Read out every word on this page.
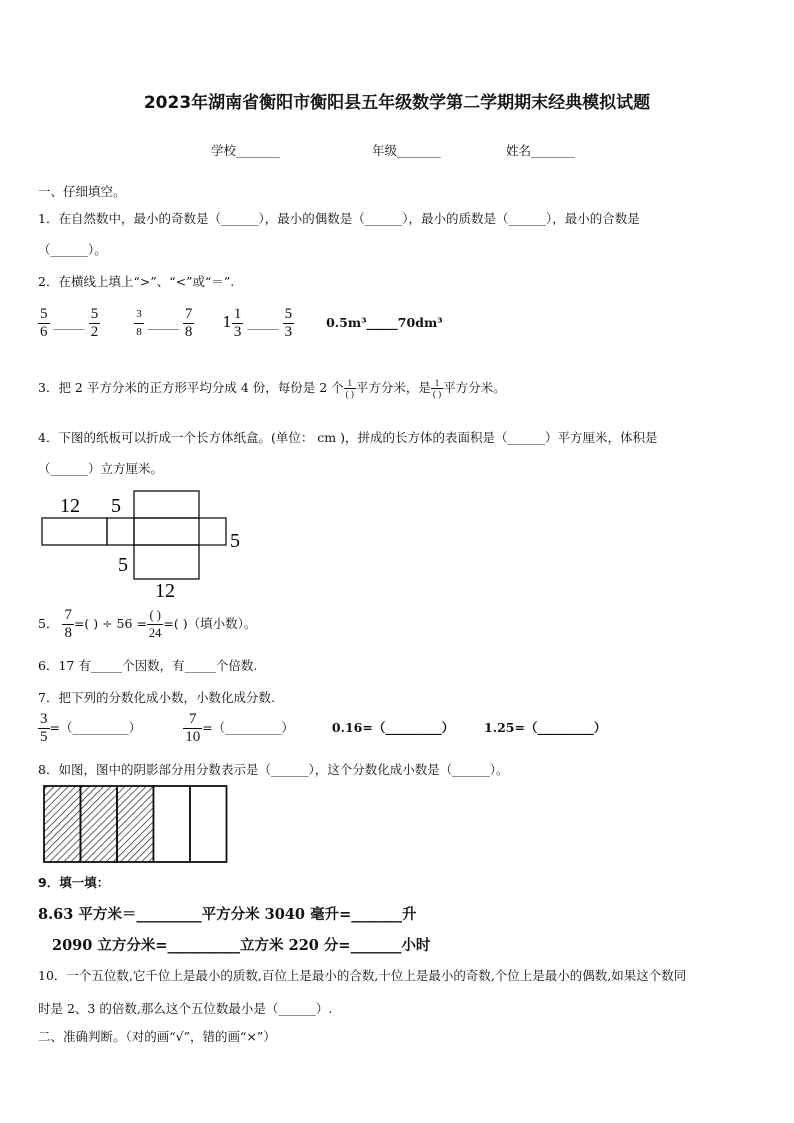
2023年湖南省衡阳市衡阳县五年级数学第二学期期末经典模拟试题
学校_______	年级_______	姓名_______
一、仔细填空。
1．在自然数中，最小的奇数是（______），最小的偶数是（______），最小的质数是（______），最小的合数是
（______）。
2．在横线上填上“>”、“<”或“＝”.
$\frac{5}{6}$ _____ $\frac{5}{2}$
	$\frac{3}{8}$ _____ $\frac{7}{8} 1 \frac{1}{3}$ _____ $\frac{5}{3}$	0.5m³_____70dm³
3．把 2 平方分米的正方形平均分成 4 份，每份是 2 个 $\frac{1}{( )}$ 平方分米，是 $\frac{1}{( )}$ 平方分米。
4．下图的纸板可以折成一个长方体纸盒。(单位： cm )，拼成的长方体的表面积是（______）平方厘米，体积是
（______）立方厘米。
12 5
5
5
12
5． $\frac{7}{8}$ =( ) ÷ $56 = \frac{( )}{24}$ =( )（填小数）。
6．17 有_____个因数，有_____个倍数.
7．把下列的分数化成小数，小数化成分数.
$\frac{3}{5}$ =（_________）	$\frac{7}{10}$ =（_________）	0.16=（_________） 1.25=（_________）
8．如图，图中的阴影部分用分数表示是（______），这个分数化成小数是（______）。
9．填一填：
8.63 平方米＝_________平方分米 3040 毫升=_______升
2090 立方分米=__________立方米 220 分=_______小时
10．一个五位数,它千位上是最小的质数,百位上是最小的合数,十位上是最小的奇数,个位上是最小的偶数,如果这个数同
时是 2、3 的倍数,那么这个五位数最小是（______）.
二、准确判断。（对的画“√”，错的画“×”）
